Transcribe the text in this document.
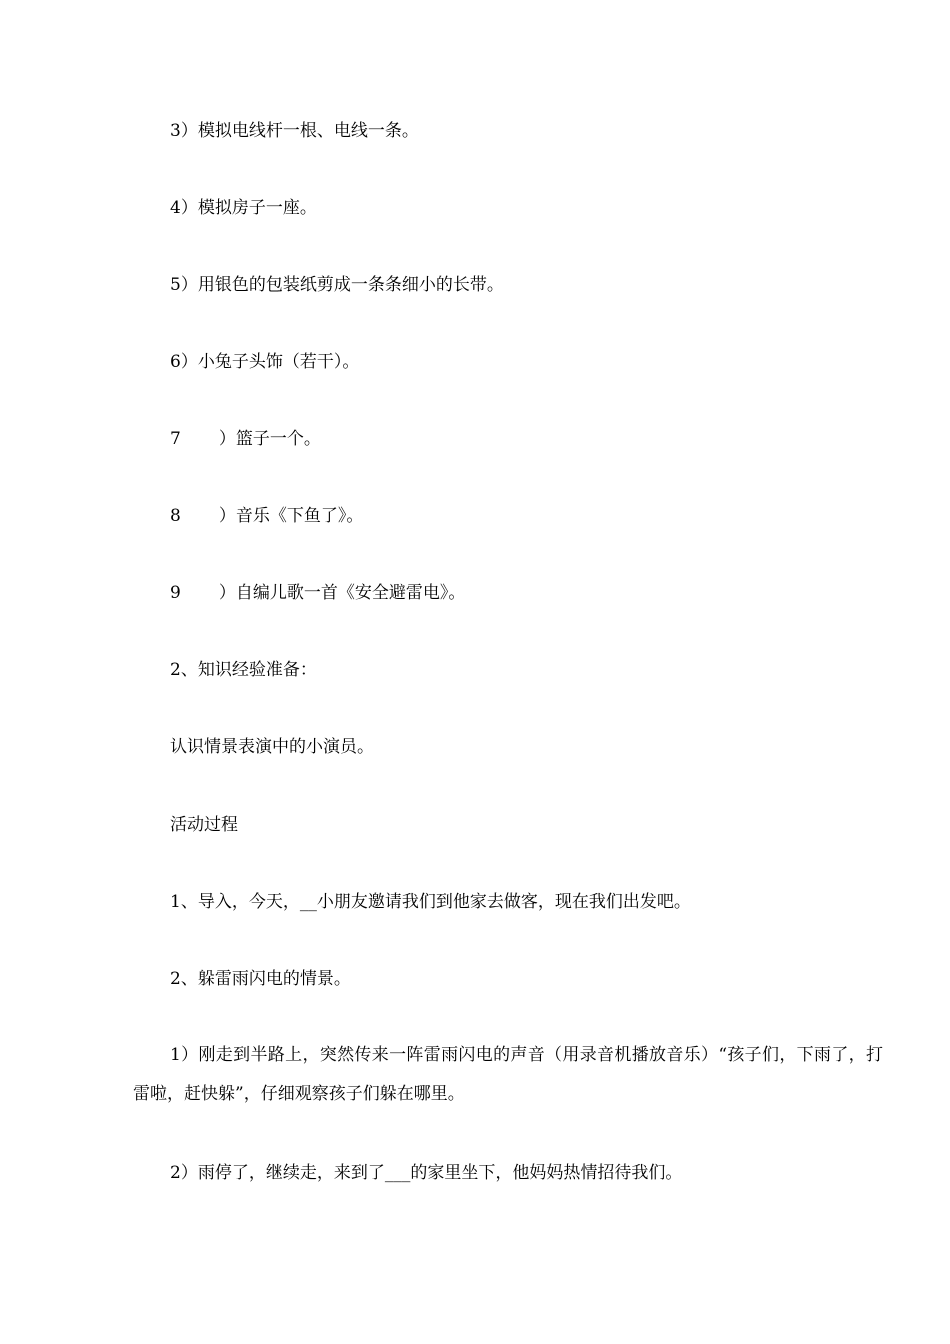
3）模拟电线杆一根、电线一条。
4）模拟房子一座。
5）用银色的包装纸剪成一条条细小的长带。
6）小兔子头饰（若干）。
7 ）篮子一个。
8 ）音乐《下鱼了》。
9 ）自编儿歌一首《安全避雷电》。
2、知识经验准备：
认识情景表演中的小演员。
活动过程
1、导入，今天，__小朋友邀请我们到他家去做客，现在我们出发吧。
2、躲雷雨闪电的情景。
1）刚走到半路上，突然传来一阵雷雨闪电的声音（用录音机播放音乐）“孩子们，下雨了，打雷啦，赶快躲”，仔细观察孩子们躲在哪里。
2）雨停了，继续走，来到了___的家里坐下，他妈妈热情招待我们。
